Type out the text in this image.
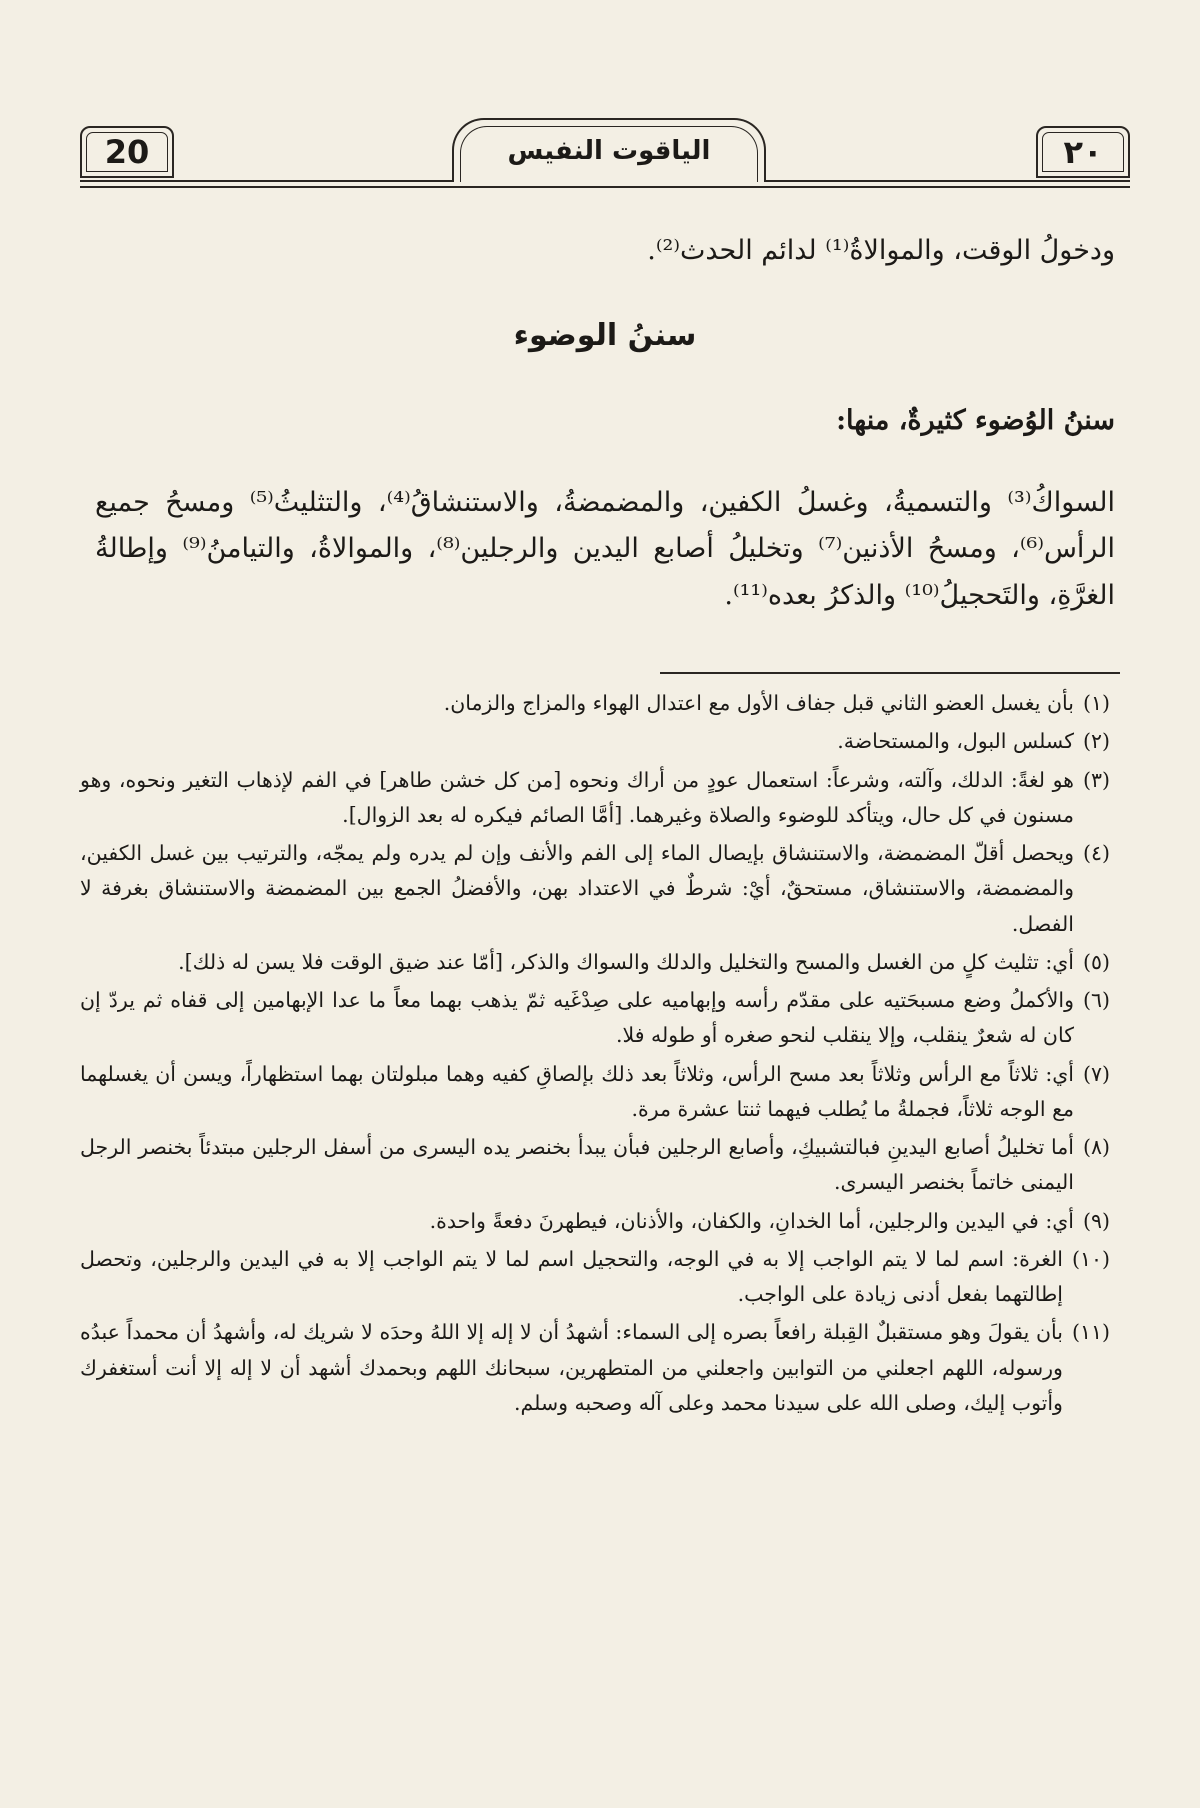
٢٠
الياقوت النفيس
20

ودخولُ الوقت، والموالاةُ⁽¹⁾ لدائم الحدث⁽²⁾.

سننُ الوضوء

سننُ الوُضوء كثيرةٌ، منها:

السواكُ⁽³⁾ والتسميةُ، وغسلُ الكفين، والمضمضةُ، والاستنشاقُ⁽⁴⁾، والتثليثُ⁽⁵⁾ ومسحُ جميع الرأس⁽⁶⁾، ومسحُ الأذنين⁽⁷⁾ وتخليلُ أصابع اليدين والرجلين⁽⁸⁾، والموالاةُ، والتيامنُ⁽⁹⁾ وإطالةُ الغرَّةِ، والتَحجيلُ⁽¹⁰⁾ والذكرُ بعده⁽¹¹⁾.

(١)
بأن يغسل العضو الثاني قبل جفاف الأول مع اعتدال الهواء والمزاج والزمان.
(٢)
كسلس البول، والمستحاضة.
(٣)
هو لغةً: الدلك، وآلته، وشرعاً: استعمال عودٍ من أراك ونحوه [من كل خشن طاهر] في الفم لإذهاب التغير ونحوه، وهو مسنون في كل حال، ويتأكد للوضوء والصلاة وغيرهما. [أمَّا الصائم فيكره له بعد الزوال].
(٤)
ويحصل أقلّ المضمضة، والاستنشاق بإيصال الماء إلى الفم والأنف وإن لم يدره ولم يمجّه، والترتيب بين غسل الكفين، والمضمضة، والاستنشاق، مستحقٌ، أيْ: شرطٌ في الاعتداد بهن، والأفضلُ الجمع بين المضمضة والاستنشاق بغرفة لا الفصل.
(٥)
أي: تثليث كلٍ من الغسل والمسح والتخليل والدلك والسواك والذكر، [أمّا عند ضيق الوقت فلا يسن له ذلك].
(٦)
والأكملُ وضع مسبحَتيه على مقدّم رأسه وإبهاميه على صِدْغَيه ثمّ يذهب بهما معاً ما عدا الإبهامين إلى قفاه ثم يردّ إن كان له شعرٌ ينقلب، وإلا ينقلب لنحو صغره أو طوله فلا.
(٧)
أي: ثلاثاً مع الرأس وثلاثاً بعد مسح الرأس، وثلاثاً بعد ذلك بإلصاقِ كفيه وهما مبلولتان بهما استظهاراً، ويسن أن يغسلهما مع الوجه ثلاثاً، فجملةُ ما يُطلب فيهما ثنتا عشرة مرة.
(٨)
أما تخليلُ أصابع اليدينِ فبالتشبيكِ، وأصابع الرجلين فبأن يبدأ بخنصر يده اليسرى من أسفل الرجلين مبتدئاً بخنصر الرجل اليمنى خاتماً بخنصر اليسرى.
(٩)
أي: في اليدين والرجلين، أما الخدانِ، والكفان، والأذنان، فيطهرنَ دفعةً واحدة.
(١٠)
الغرة: اسم لما لا يتم الواجب إلا به في الوجه، والتحجيل اسم لما لا يتم الواجب إلا به في اليدين والرجلين، وتحصل إطالتهما بفعل أدنى زيادة على الواجب.
(١١)
بأن يقولَ وهو مستقبلٌ القِبلة رافعاً بصره إلى السماء: أشهدُ أن لا إله إلا اللهُ وحدَه لا شريك له، وأشهدُ أن محمداً عبدُه ورسوله، اللهم اجعلني من التوابين واجعلني من المتطهرين، سبحانك اللهم وبحمدك أشهد أن لا إله إلا أنت أستغفرك وأتوب إليك، وصلى الله على سيدنا محمد وعلى آله وصحبه وسلم.
